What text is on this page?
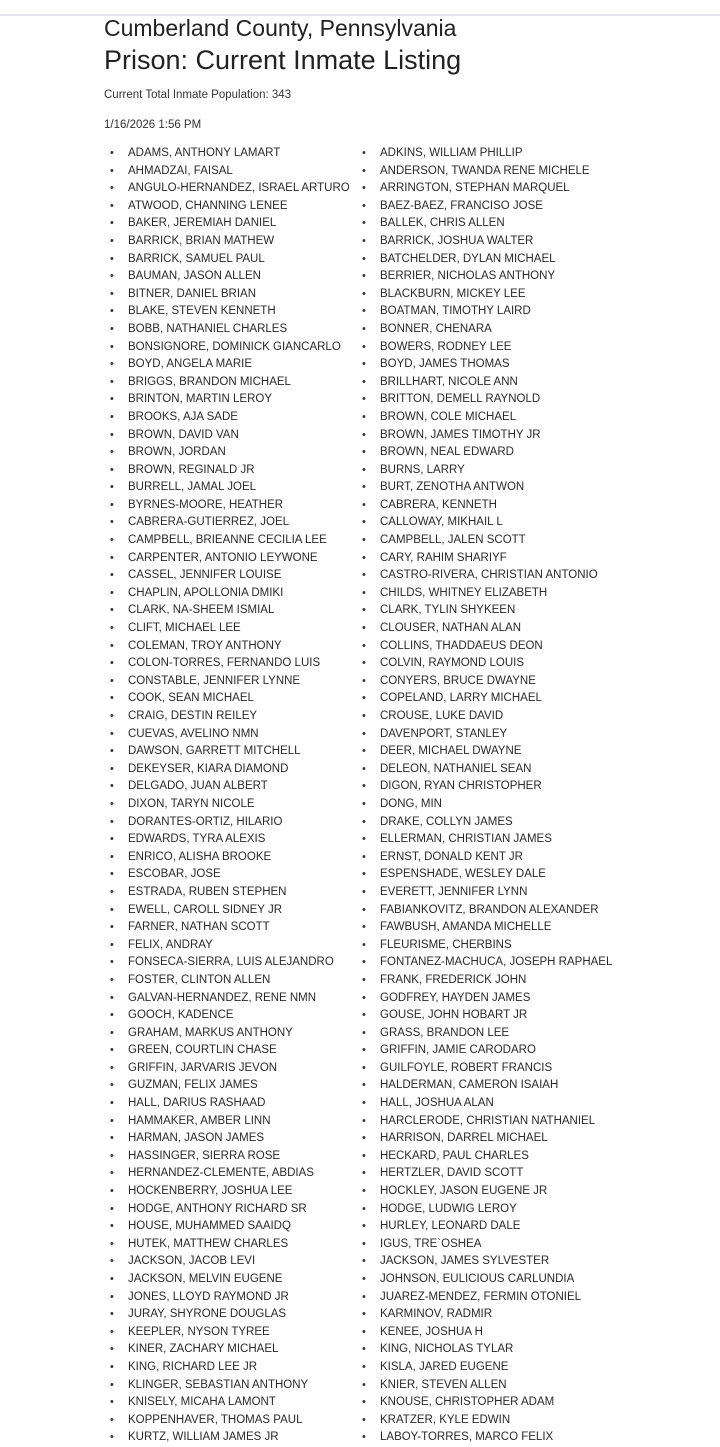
Cumberland County, Pennsylvania
Prison: Current Inmate Listing
Current Total Inmate Population: 343
1/16/2026 1:56 PM
• ADAMS, ANTHONY LAMART
• AHMADZAI, FAISAL
• ANGULO-HERNANDEZ, ISRAEL ARTURO
• ATWOOD, CHANNING LENEE
• BAKER, JEREMIAH DANIEL
• BARRICK, BRIAN MATHEW
• BARRICK, SAMUEL PAUL
• BAUMAN, JASON ALLEN
• BITNER, DANIEL BRIAN
• BLAKE, STEVEN KENNETH
• BOBB, NATHANIEL CHARLES
• BONSIGNORE, DOMINICK GIANCARLO
• BOYD, ANGELA MARIE
• BRIGGS, BRANDON MICHAEL
• BRINTON, MARTIN LEROY
• BROOKS, AJA SADE
• BROWN, DAVID VAN
• BROWN, JORDAN
• BROWN, REGINALD JR
• BURRELL, JAMAL JOEL
• BYRNES-MOORE, HEATHER
• CABRERA-GUTIERREZ, JOEL
• CAMPBELL, BRIEANNE CECILIA LEE
• CARPENTER, ANTONIO LEYWONE
• CASSEL, JENNIFER LOUISE
• CHAPLIN, APOLLONIA DMIKI
• CLARK, NA-SHEEM ISMIAL
• CLIFT, MICHAEL LEE
• COLEMAN, TROY ANTHONY
• COLON-TORRES, FERNANDO LUIS
• CONSTABLE, JENNIFER LYNNE
• COOK, SEAN MICHAEL
• CRAIG, DESTIN REILEY
• CUEVAS, AVELINO NMN
• DAWSON, GARRETT MITCHELL
• DEKEYSER, KIARA DIAMOND
• DELGADO, JUAN ALBERT
• DIXON, TARYN NICOLE
• DORANTES-ORTIZ, HILARIO
• EDWARDS, TYRA ALEXIS
• ENRICO, ALISHA BROOKE
• ESCOBAR, JOSE
• ESTRADA, RUBEN STEPHEN
• EWELL, CAROLL SIDNEY JR
• FARNER, NATHAN SCOTT
• FELIX, ANDRAY
• FONSECA-SIERRA, LUIS ALEJANDRO
• FOSTER, CLINTON ALLEN
• GALVAN-HERNANDEZ, RENE NMN
• GOOCH, KADENCE
• GRAHAM, MARKUS ANTHONY
• GREEN, COURTLIN CHASE
• GRIFFIN, JARVARIS JEVON
• GUZMAN, FELIX JAMES
• HALL, DARIUS RASHAAD
• HAMMAKER, AMBER LINN
• HARMAN, JASON JAMES
• HASSINGER, SIERRA ROSE
• HERNANDEZ-CLEMENTE, ABDIAS
• HOCKENBERRY, JOSHUA LEE
• HODGE, ANTHONY RICHARD SR
• HOUSE, MUHAMMED SAAIDQ
• HUTEK, MATTHEW CHARLES
• JACKSON, JACOB LEVI
• JACKSON, MELVIN EUGENE
• JONES, LLOYD RAYMOND JR
• JURAY, SHYRONE DOUGLAS
• KEEPLER, NYSON TYREE
• KINER, ZACHARY MICHAEL
• KING, RICHARD LEE JR
• KLINGER, SEBASTIAN ANTHONY
• KNISELY, MICAHA LAMONT
• KOPPENHAVER, THOMAS PAUL
• KURTZ, WILLIAM JAMES JR
• ADKINS, WILLIAM PHILLIP
• ANDERSON, TWANDA RENE MICHELE
• ARRINGTON, STEPHAN MARQUEL
• BAEZ-BAEZ, FRANCISO JOSE
• BALLEK, CHRIS ALLEN
• BARRICK, JOSHUA WALTER
• BATCHELDER, DYLAN MICHAEL
• BERRIER, NICHOLAS ANTHONY
• BLACKBURN, MICKEY LEE
• BOATMAN, TIMOTHY LAIRD
• BONNER, CHENARA
• BOWERS, RODNEY LEE
• BOYD, JAMES THOMAS
• BRILLHART, NICOLE ANN
• BRITTON, DEMELL RAYNOLD
• BROWN, COLE MICHAEL
• BROWN, JAMES TIMOTHY JR
• BROWN, NEAL EDWARD
• BURNS, LARRY
• BURT, ZENOTHA ANTWON
• CABRERA, KENNETH
• CALLOWAY, MIKHAIL L
• CAMPBELL, JALEN SCOTT
• CARY, RAHIM SHARIYF
• CASTRO-RIVERA, CHRISTIAN ANTONIO
• CHILDS, WHITNEY ELIZABETH
• CLARK, TYLIN SHYKEEN
• CLOUSER, NATHAN ALAN
• COLLINS, THADDAEUS DEON
• COLVIN, RAYMOND LOUIS
• CONYERS, BRUCE DWAYNE
• COPELAND, LARRY MICHAEL
• CROUSE, LUKE DAVID
• DAVENPORT, STANLEY
• DEER, MICHAEL DWAYNE
• DELEON, NATHANIEL SEAN
• DIGON, RYAN CHRISTOPHER
• DONG, MIN
• DRAKE, COLLYN JAMES
• ELLERMAN, CHRISTIAN JAMES
• ERNST, DONALD KENT JR
• ESPENSHADE, WESLEY DALE
• EVERETT, JENNIFER LYNN
• FABIANKOVITZ, BRANDON ALEXANDER
• FAWBUSH, AMANDA MICHELLE
• FLEURISME, CHERBINS
• FONTANEZ-MACHUCA, JOSEPH RAPHAEL
• FRANK, FREDERICK JOHN
• GODFREY, HAYDEN JAMES
• GOUSE, JOHN HOBART JR
• GRASS, BRANDON LEE
• GRIFFIN, JAMIE CARODARO
• GUILFOYLE, ROBERT FRANCIS
• HALDERMAN, CAMERON ISAIAH
• HALL, JOSHUA ALAN
• HARCLERODE, CHRISTIAN NATHANIEL
• HARRISON, DARREL MICHAEL
• HECKARD, PAUL CHARLES
• HERTZLER, DAVID SCOTT
• HOCKLEY, JASON EUGENE JR
• HODGE, LUDWIG LEROY
• HURLEY, LEONARD DALE
• IGUS, TRE`OSHEA
• JACKSON, JAMES SYLVESTER
• JOHNSON, EULICIOUS CARLUNDIA
• JUAREZ-MENDEZ, FERMIN OTONIEL
• KARMINOV, RADMIR
• KENEE, JOSHUA H
• KING, NICHOLAS TYLAR
• KISLA, JARED EUGENE
• KNIER, STEVEN ALLEN
• KNOUSE, CHRISTOPHER ADAM
• KRATZER, KYLE EDWIN
• LABOY-TORRES, MARCO FELIX
